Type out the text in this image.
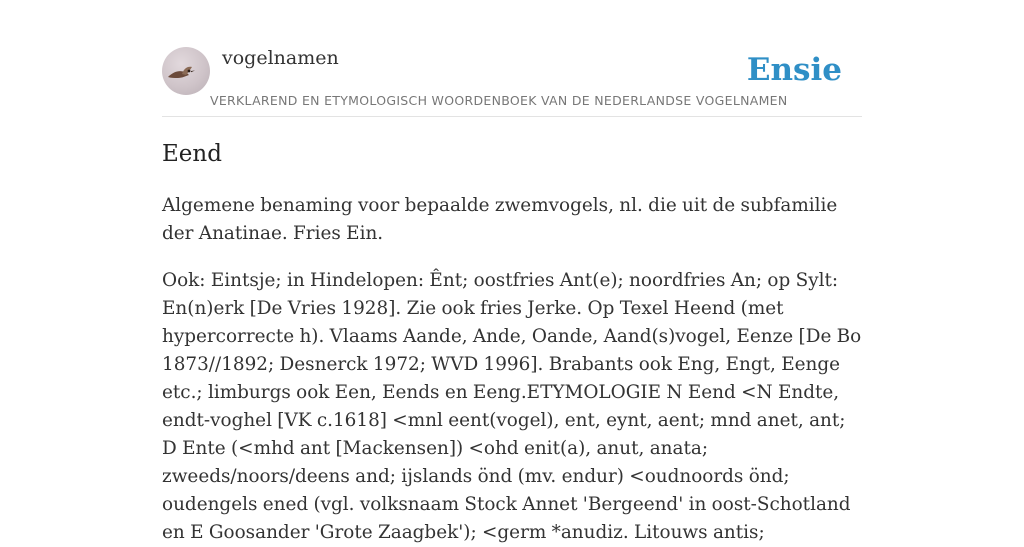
vogelnamen	Ensie
VERKLAREND EN ETYMOLOGISCH WOORDENBOEK VAN DE NEDERLANDSE VOGELNAMEN
Eend

Algemene benaming voor bepaalde zwemvogels, nl. die uit de subfamilie der Anatinae. Fries Ein.

Ook: Eintsje; in Hindelopen: Ênt; oostfries Ant(e); noordfries An; op Sylt: En(n)erk [De Vries 1928]. Zie ook fries Jerke. Op Texel Heend (met hypercorrecte h). Vlaams Aande, Ande, Oande, Aand(s)vogel, Eenze [De Bo 1873//1892; Desnerck 1972; WVD 1996]. Brabants ook Eng, Engt, Eenge etc.; limburgs ook Een, Eends en Eeng.ETYMOLOGIE N Eend <N Endte, endt-voghel [VK c.1618] <mnl eent(vogel), ent, eynt, aent; mnd anet, ant; D Ente (<mhd ant [Mackensen]) <ohd enit(a), anut, anata; zweeds/noors/deens and; ijslands önd (mv. endur) <oudnoords önd; oudengels ened (vgl. volksnaam Stock Annet 'Bergeend' in oost-Schotland en E Goosander 'Grote Zaagbek'); <germ *anudiz. Litouws antis;
